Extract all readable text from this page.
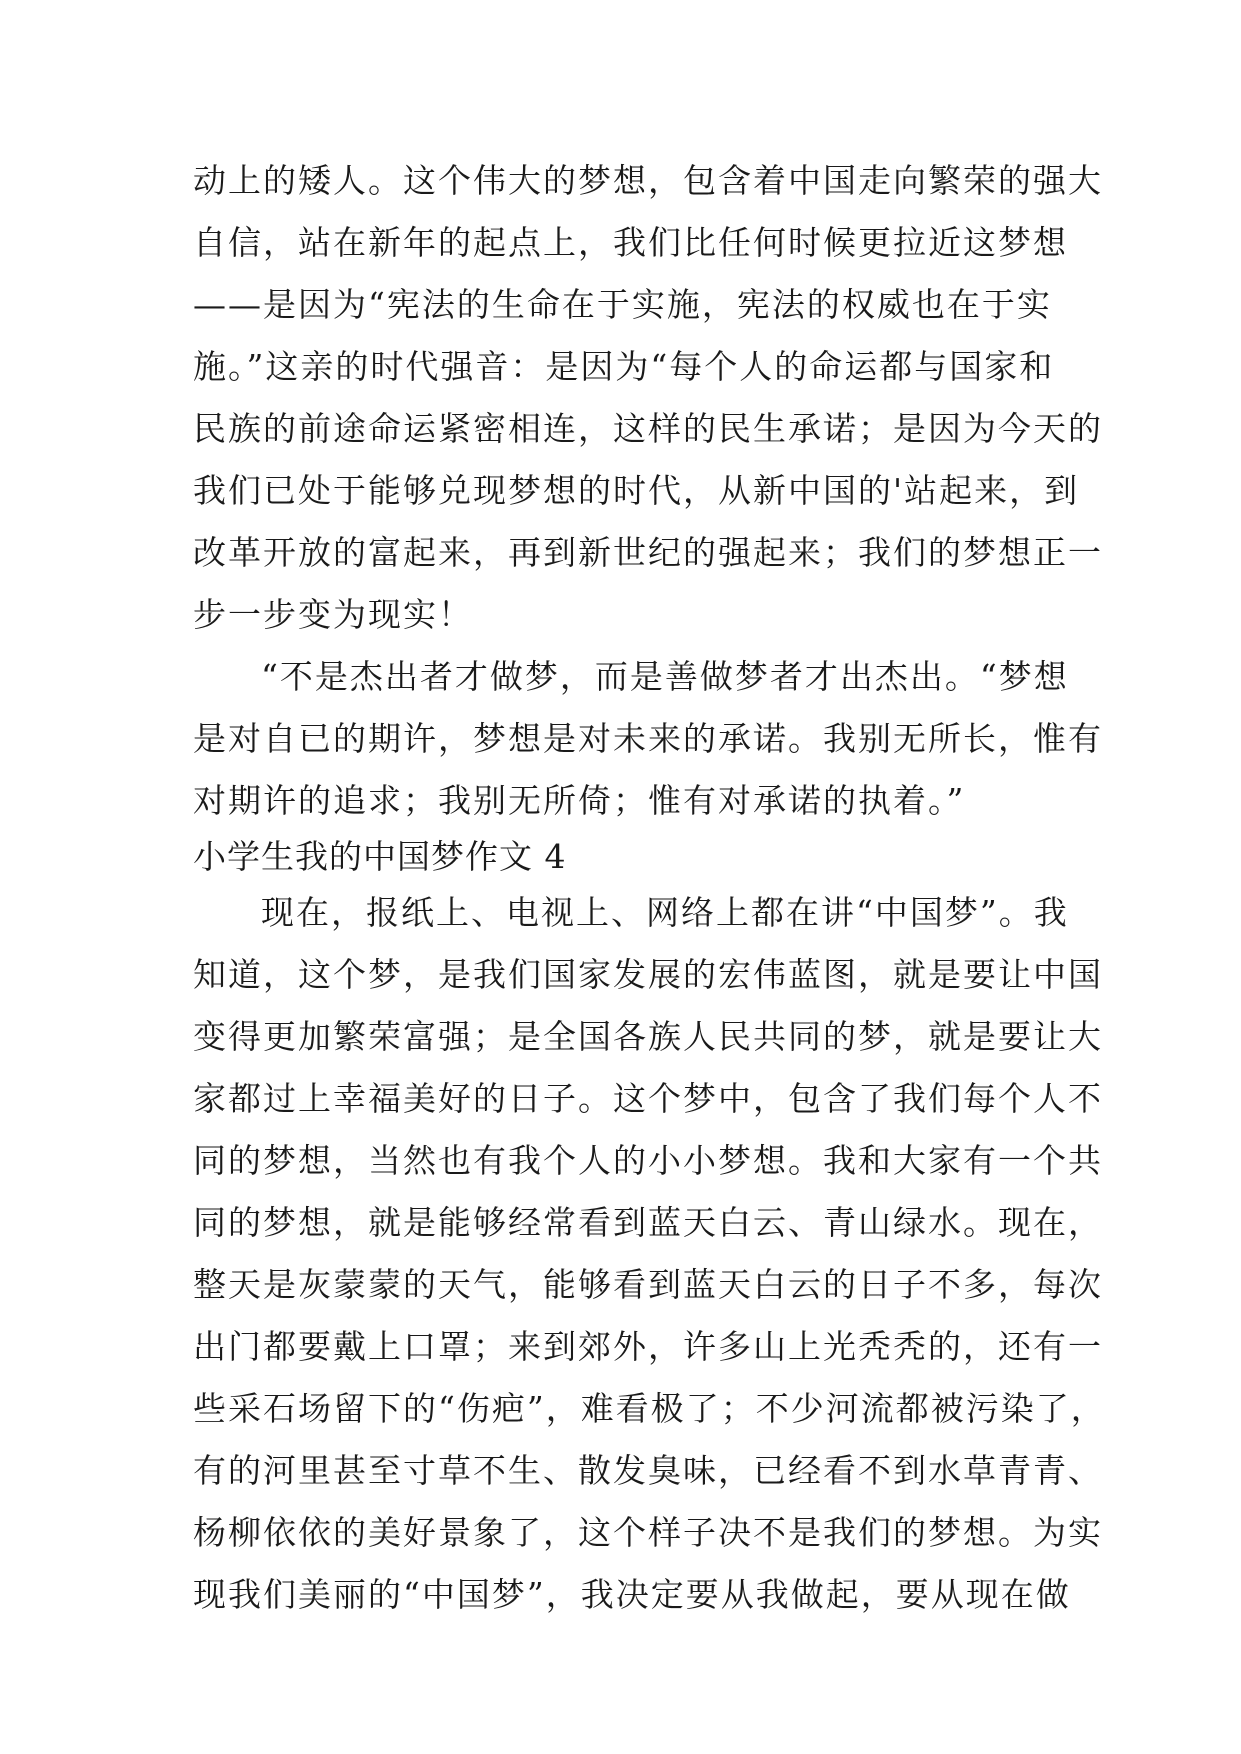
动上的矮人。这个伟大的梦想，包含着中国走向繁荣的强大
自信，站在新年的起点上，我们比任何时候更拉近这梦想
——是因为“宪法的生命在于实施，宪法的权威也在于实
施。”这亲的时代强音：是因为“每个人的命运都与国家和
民族的前途命运紧密相连，这样的民生承诺；是因为今天的
我们已处于能够兑现梦想的时代，从新中国的'站起来，到
改革开放的富起来，再到新世纪的强起来；我们的梦想正一
步一步变为现实！
“不是杰出者才做梦，而是善做梦者才出杰出。“梦想
是对自已的期许，梦想是对未来的承诺。我别无所长，惟有
对期许的追求；我别无所倚；惟有对承诺的执着。”
小学生我的中国梦作文 4
现在，报纸上、电视上、网络上都在讲“中国梦”。我
知道，这个梦，是我们国家发展的宏伟蓝图，就是要让中国
变得更加繁荣富强；是全国各族人民共同的梦，就是要让大
家都过上幸福美好的日子。这个梦中，包含了我们每个人不
同的梦想，当然也有我个人的小小梦想。我和大家有一个共
同的梦想，就是能够经常看到蓝天白云、青山绿水。现在，
整天是灰蒙蒙的天气，能够看到蓝天白云的日子不多，每次
出门都要戴上口罩；来到郊外，许多山上光秃秃的，还有一
些采石场留下的“伤疤”，难看极了；不少河流都被污染了，
有的河里甚至寸草不生、散发臭味，已经看不到水草青青、
杨柳依依的美好景象了，这个样子决不是我们的梦想。为实
现我们美丽的“中国梦”，我决定要从我做起，要从现在做
